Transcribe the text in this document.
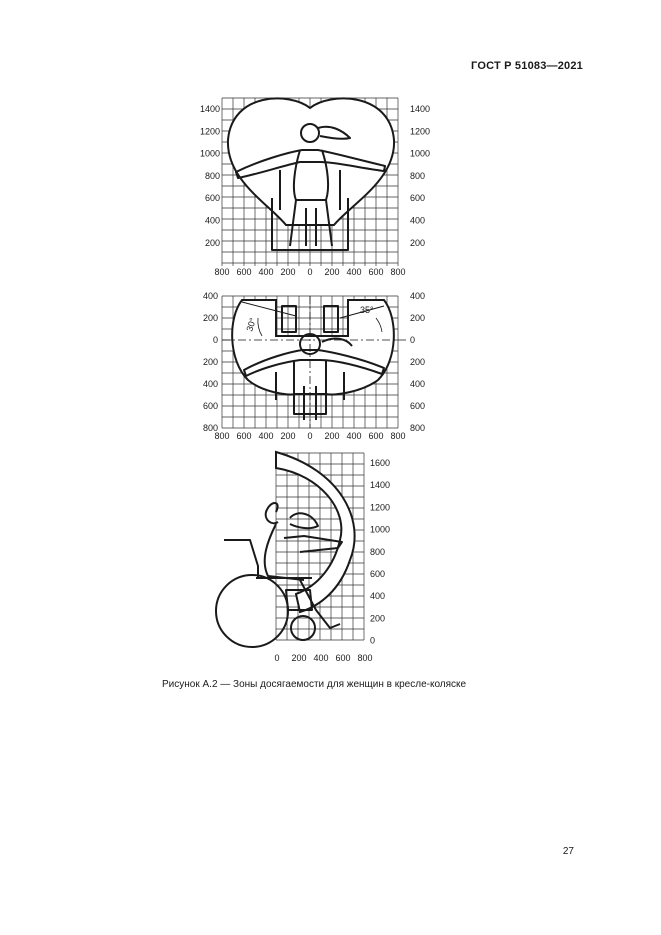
ГОСТ Р 51083—2021
1400
1200
1000
800
600
400
200
1400
1200
1000
800
600
400
200
800 600 400 200 0 200 400 600 800
30°
35°
400
200
0
200
400
600
800
400
200
0
200
400
600
800
800 600 400 200 0 200 400 600 800
1600
1400
1200
1000
800
600
400
200
0
0 200 400 600 800
Рисунок А.2 — Зоны досягаемости для женщин в кресле-коляске
27
